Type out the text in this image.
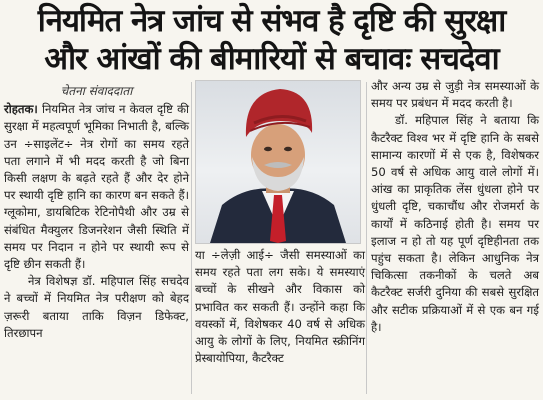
नियमित नेत्र जांच से संभव है दृष्टि की सुरक्षा
और आंखों की बीमारियों से बचावः सचदेवा
चेतना संवाददाता

रोहतक। नियमित नेत्र जांच न केवल दृष्टि की सुरक्षा में महत्वपूर्ण भूमिका निभाती है, बल्कि उन ÷साइलेंट÷ नेत्र रोगों का समय रहते पता लगाने में भी मदद करती है जो बिना किसी लक्षण के बढ़ते रहते हैं और देर होने पर स्थायी दृष्टि हानि का कारण बन सकते हैं। ग्लूकोमा, डायबिटिक रेटिनोपैथी और उम्र से संबंधित मैक्युलर डिजनरेशन जैसी स्थिति में समय पर निदान न होने पर स्थायी रूप से दृष्टि छीन सकती हैं।

नेत्र विशेषज्ञ डॉ. महिपाल सिंह सचदेव ने बच्चों में नियमित नेत्र परीक्षण को बेहद ज़रूरी बताया ताकि विज़न डिफेक्ट, तिरछापन

या ÷लेज़ी आई÷ जैसी समस्याओं का समय रहते पता लग सके। ये समस्याएं बच्चों के सीखने और विकास को प्रभावित कर सकती हैं। उन्होंने कहा कि वयस्कों में, विशेषकर 40 वर्ष से अधिक आयु के लोगों के लिए, नियमित स्क्रीनिंग प्रेस्बायोपिया, कैटरैक्ट

और अन्य उम्र से जुड़ी नेत्र समस्याओं के समय पर प्रबंधन में मदद करती है।

डॉ. महिपाल सिंह ने बताया कि कैटरैक्ट विश्व भर में दृष्टि हानि के सबसे सामान्य कारणों में से एक है, विशेषकर 50 वर्ष से अधिक आयु वाले लोगों में। आंख का प्राकृतिक लेंस धुंधला होने पर धुंधली दृष्टि, चकाचौंध और रोजमर्रा के कार्यों में कठिनाई होती है। समय पर इलाज न हो तो यह पूर्ण दृष्टिहीनता तक पहुंच सकता है। लेकिन आधुनिक नेत्र चिकित्सा तकनीकों के चलते अब कैटरैक्ट सर्जरी दुनिया की सबसे सुरक्षित और सटीक प्रक्रियाओं में से एक बन गई है।
